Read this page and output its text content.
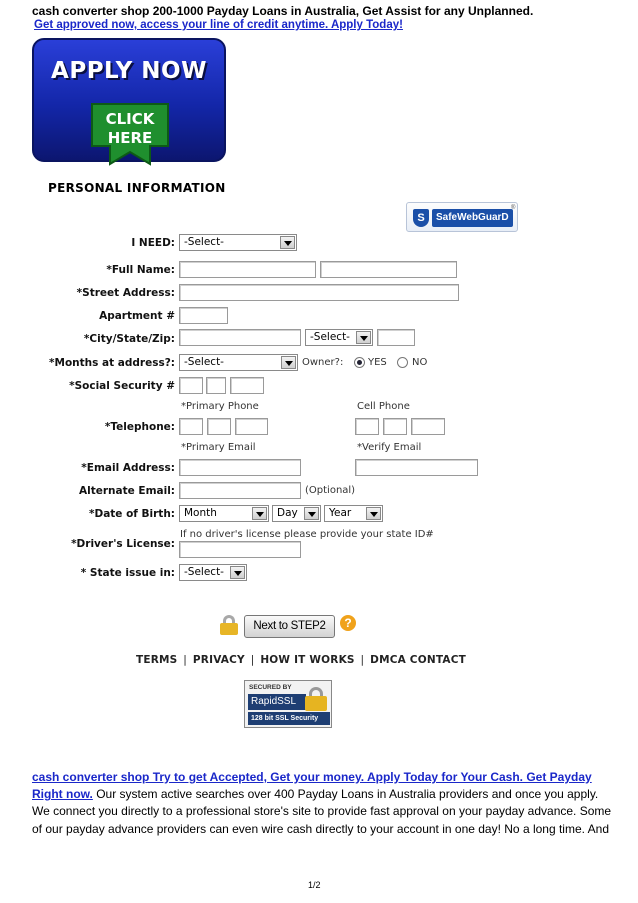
cash converter shop 200-1000 Payday Loans in Australia, Get Assist for any Unplanned.
Get approved now, access your line of credit anytime. Apply Today!
APPLY NOW
CLICK
HERE
PERSONAL INFORMATION
S	SafeWebGuarD
®
I NEED: -Select-
*Full Name:
*Street Address:
Apartment #
*City/State/Zip:	-Select-
*Months at address?: -Select-	Owner?: YES	NO
*Social Security #
*Primary Phone	Cell Phone
*Telephone:
*Primary Email	*Verify Email
*Email Address:
Alternate Email:	(Optional)
*Date of Birth: Month	Day	Year
If no driver's license please provide your state ID#
*Driver's License:
* State issue in: -Select-
Next to STEP2	?
TERMS | PRIVACY | HOW IT WORKS | DMCA CONTACT
SECURED BY
RapidSSL
128 bit SSL Security
cash converter shop Try to get Accepted, Get your money. Apply Today for Your Cash. Get Payday
Right now. Our system active searches over 400 Payday Loans in Australia providers and once you apply.
We connect you directly to a professional store's site to provide fast approval on your payday advance. Some
of our payday advance providers can even wire cash directly to your account in one day! No a long time. And
1/2
